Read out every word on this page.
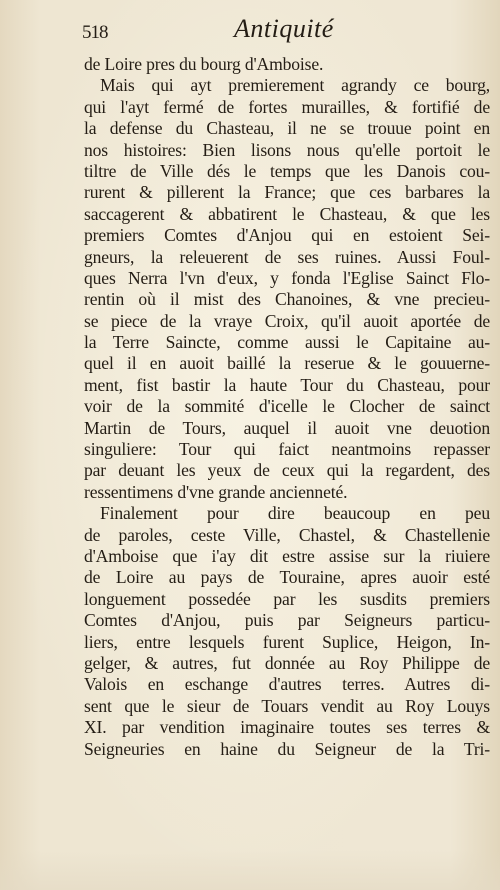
518	Antiquité
de Loire pres du bourg d'Amboise.
Mais qui ayt premierement agrandy ce bourg,
qui l'ayt fermé de fortes murailles, & fortifié de
la defense du Chasteau, il ne se trouue point en
nos histoires: Bien lisons nous qu'elle portoit le
tiltre de Ville dés le temps que les Danois cou-
rurent & pillerent la France; que ces barbares la
saccagerent & abbatirent le Chasteau, & que les
premiers Comtes d'Anjou qui en estoient Sei-
gneurs, la releuerent de ses ruines. Aussi Foul-
ques Nerra l'vn d'eux, y fonda l'Eglise Sainct Flo-
rentin où il mist des Chanoines, & vne precieu-
se piece de la vraye Croix, qu'il auoit aportée de
la Terre Saincte, comme aussi le Capitaine au-
quel il en auoit baillé la reserue & le gouuerne-
ment, fist bastir la haute Tour du Chasteau, pour
voir de la sommité d'icelle le Clocher de sainct
Martin de Tours, auquel il auoit vne deuotion
singuliere: Tour qui faict neantmoins repasser
par deuant les yeux de ceux qui la regardent, des
ressentimens d'vne grande ancienneté.
Finalement pour dire beaucoup en peu
de paroles, ceste Ville, Chastel, & Chastellenie
d'Amboise que i'ay dit estre assise sur la riuiere
de Loire au pays de Touraine, apres auoir esté
longuement possedée par les susdits premiers
Comtes d'Anjou, puis par Seigneurs particu-
liers, entre lesquels furent Suplice, Heigon, In-
gelger, & autres, fut donnée au Roy Philippe de
Valois en eschange d'autres terres. Autres di-
sent que le sieur de Touars vendit au Roy Louys
XI. par vendition imaginaire toutes ses terres &
Seigneuries en haine du Seigneur de la Tri-
